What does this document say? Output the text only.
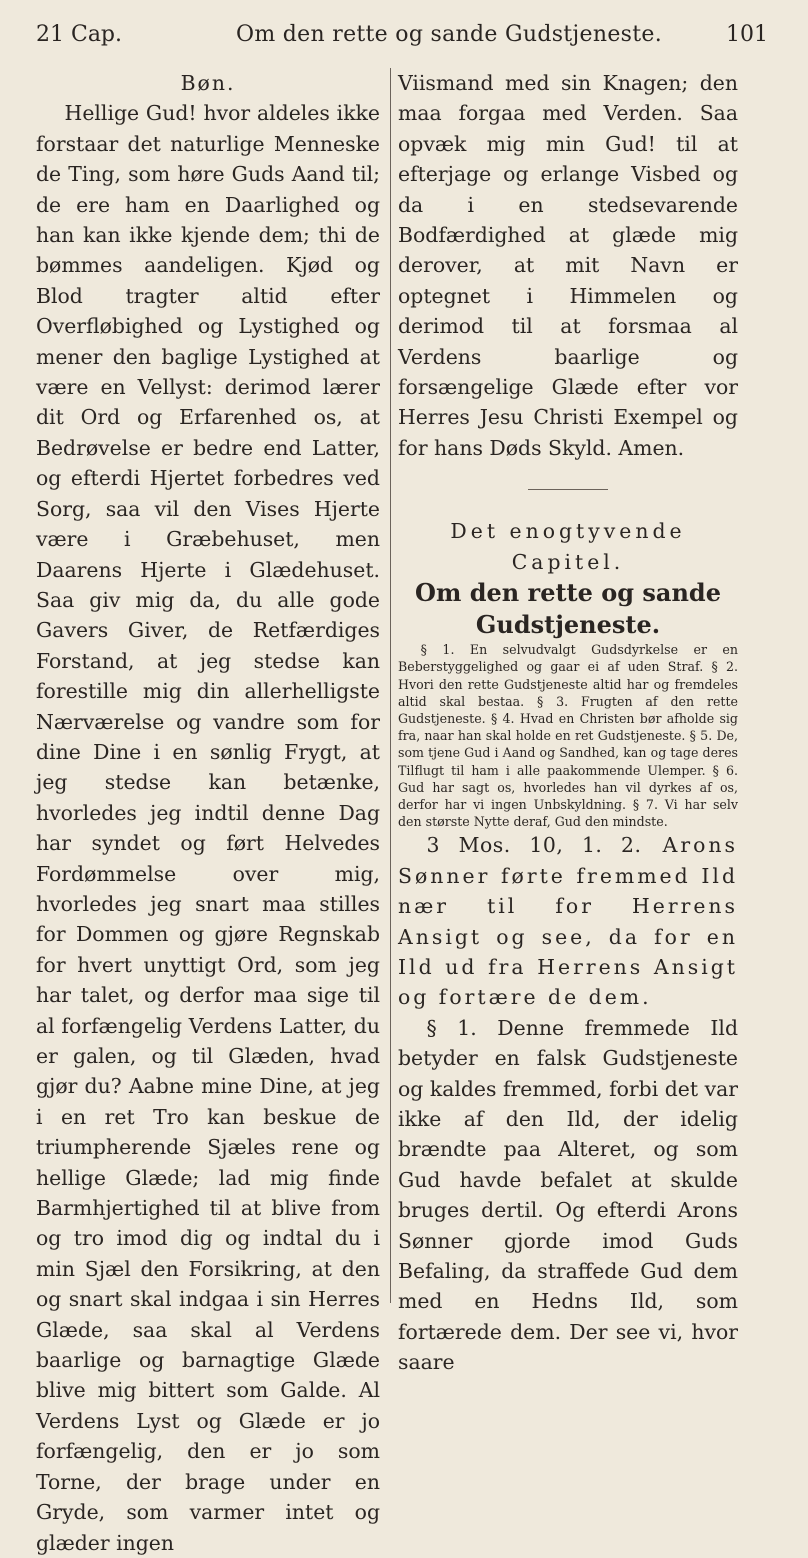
21 Cap.	Om den rette og sande Gudstjeneste.	101

Bøn.

Hellige Gud! hvor aldeles ikke forstaar det naturlige Menneske de Ting, som høre Guds Aand til; de ere ham en Daarlighed og han kan ikke kjende dem; thi de bømmes aandeligen. Kjød og Blod tragter altid efter Overfløbighed og Lystighed og mener den baglige Lystighed at være en Vellyst: derimod lærer dit Ord og Erfarenhed os, at Bedrøvelse er bedre end Latter, og efterdi Hjertet forbedres ved Sorg, saa vil den Vises Hjerte være i Græbehuset, men Daarens Hjerte i Glædehuset. Saa giv mig da, du alle gode Gavers Giver, de Retfærdiges Forstand, at jeg stedse kan forestille mig din allerhelligste Nærværelse og vandre som for dine Dine i en sønlig Frygt, at jeg stedse kan betænke, hvorledes jeg indtil denne Dag har syndet og ført Helvedes Fordømmelse over mig, hvorledes jeg snart maa stilles for Dommen og gjøre Regnskab for hvert unyttigt Ord, som jeg har talet, og derfor maa sige til al forfængelig Verdens Latter, du er galen, og til Glæden, hvad gjør du? Aabne mine Dine, at jeg i en ret Tro kan beskue de triumpherende Sjæles rene og hellige Glæde; lad mig finde Barmhjertighed til at blive from og tro imod dig og indtal du i min Sjæl den Forsikring, at den og snart skal indgaa i sin Herres Glæde, saa skal al Verdens baarlige og barnagtige Glæde blive mig bittert som Galde. Al Verdens Lyst og Glæde er jo forfængelig, den er jo som Torne, der brage under en Gryde, som varmer intet og glæder ingen

Viismand med sin Knagen; den maa forgaa med Verden. Saa opvæk mig min Gud! til at efterjage og erlange Visbed og da i en stedsevarende Bodfærdighed at glæde mig derover, at mit Navn er optegnet i Himmelen og derimod til at forsmaa al Verdens baarlige og forsængelige Glæde efter vor Herres Jesu Christi Exempel og for hans Døds Skyld. Amen.

Det enogtyvende Capitel.

Om den rette og sande Gudstjeneste.

§ 1. En selvudvalgt Gudsdyrkelse er en Beberstyggelighed og gaar ei af uden Straf. § 2. Hvori den rette Gudstjeneste altid har og fremdeles altid skal bestaa. § 3. Frugten af den rette Gudstjeneste. § 4. Hvad en Christen bør afholde sig fra, naar han skal holde en ret Gudstjeneste. § 5. De, som tjene Gud i Aand og Sandhed, kan og tage deres Tilflugt til ham i alle paakommende Ulemper. § 6. Gud har sagt os, hvorledes han vil dyrkes af os, derfor har vi ingen Unbskyldning. § 7. Vi har selv den største Nytte deraf, Gud den mindste.

3 Mos. 10, 1. 2. Arons Sønner førte fremmed Ild nær til for Herrens Ansigt og see, da for en Ild ud fra Herrens Ansigt og fortære de dem.

§ 1. Denne fremmede Ild betyder en falsk Gudstjeneste og kaldes fremmed, forbi det var ikke af den Ild, der idelig brændte paa Alteret, og som Gud havde befalet at skulde bruges dertil. Og efterdi Arons Sønner gjorde imod Guds Befaling, da straffede Gud dem med en Hedns Ild, som fortærede dem. Der see vi, hvor saare
